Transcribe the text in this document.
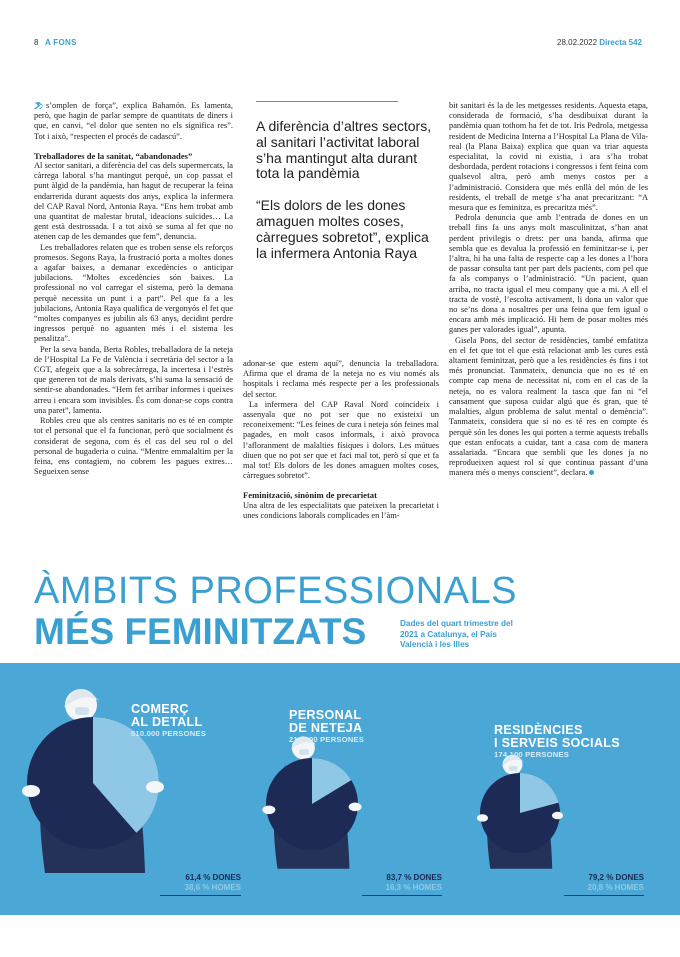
8 A FONS	28.02.2022 Directa 542

s’omplen de força”, explica Bahamón. Es lamenta, però, que hagin de parlar sempre de quantitats de diners i que, en canvi, “el dolor que senten no els significa res”. Tot i això, “respecten el procés de cadascú”.

Treballadores de la sanitat, “abandonades”

Al sector sanitari, a diferència del cas dels supermercats, la càrrega laboral s’ha mantingut perquè, un cop passat el punt àlgid de la pandèmia, han hagut de recuperar la feina endarrerida durant aquests dos anys, explica la infermera del CAP Raval Nord, Antonia Raya. “Ens hem trobat amb una quantitat de malestar brutal, ideacions suïcides… La gent està destrossada. I a tot això se suma al fet que no atenen cap de les demandes que fem”, denuncia.

Les treballadores relaten que es troben sense els reforços promesos. Segons Raya, la frustració porta a moltes dones a agafar baixes, a demanar excedències o anticipar jubilacions. “Moltes excedències són baixes. La professional no vol carregar el sistema, però la demana perquè necessita un punt i a part”. Pel que fa a les jubilacions, Antonia Raya qualifica de vergonyós el fet que “moltes companyes es jubilin als 63 anys, decidint perdre ingressos perquè no aguanten més i el sistema les penalitza”.

Per la seva banda, Berta Robles, treballadora de la neteja de l’Hospital La Fe de València i secretària del sector a la CGT, afegeix que a la sobrecàrrega, la incertesa i l’estrès que generen tot de mals derivats, s’hi suma la sensació de sentir-se abandonades. “Hem fet arribar informes i queixes arreu i encara som invisibles. És com donar-se cops contra una paret”, lamenta.

Robles creu que als centres sanitaris no es té en compte tot el personal que el fa funcionar, però que socialment és considerat de segona, com és el cas del seu rol o del personal de bugaderia o cuina. “Mentre emmalaltim per la feina, ens contagiem, no cobrem les pagues extres… Segueixen sense

A diferència d’altres sectors, al sanitari l’activitat laboral s’ha mantingut alta durant tota la pandèmia
“Els dolors de les dones amaguen moltes coses, càrregues sobretot”, explica la infermera Antonia Raya

adonar-se que estem aquí”, denuncia la treballadora. Afirma que el drama de la neteja no es viu només als hospitals i reclama més respecte per a les professionals del sector.

La infermera del CAP Raval Nord coincideix i assenyala que no pot ser que no existeixi un reconeixement: “Les feines de cura i neteja són feines mal pagades, en molt casos informals, i això provoca l’afloranment de malalties físiques i dolors. Les mútues diuen que no pot ser que et faci mal tot, però sí que et fa mal tot! Els dolors de les dones amaguen moltes coses, càrregues sobretot”.

Feminització, sinònim de precarietat

Una altra de les especialitats que pateixen la precarietat i unes condicions laborals complicades en l’àm-

bit sanitari és la de les metgesses residents. Aquesta etapa, considerada de formació, s’ha desdibuixat durant la pandèmia quan tothom ha fet de tot. Iris Pedrola, metgessa resident de Medicina Interna a l’Hospital La Plana de Vila-real (la Plana Baixa) explica que quan va triar aquesta especialitat, la covid ni existia, i ara s’ha trobat desbordada, perdent rotacions i congressos i fent feina com qualsevol altra, però amb menys costos per a l’administració. Considera que més enllà del món de les residents, el treball de metge s’ha anat precaritzant: “A mesura que es feminitza, es precaritza més”.

Pedrola denuncia que amb l’entrada de dones en un treball fins fa uns anys molt masculinitzat, s’han anat perdent privilegis o drets: per una banda, afirma que sembla que es devalua la professió en feminitzar-se i, per l’altra, hi ha una falta de respecte cap a les dones a l’hora de passar consulta tant per part dels pacients, com pel que fa als companys o l’administració. “Un pacient, quan arriba, no tracta igual el meu company que a mi. A ell el tracta de vostè, l’escolta activament, li dona un valor que no se’ns dona a nosaltres per una feina que fem igual o encara amb més implicació. Hi hem de posar moltes més ganes per valorades igual”, apunta.

Gisela Pons, del sector de residències, també emfatitza en el fet que tot el que està relacionat amb les cures està altament feminitzat, però que a les residències és fins i tot més pronunciat. Tanmateix, denuncia que no es té en compte cap mena de necessitat ni, com en el cas de la neteja, no es valora realment la tasca que fan ni “el cansament que suposa cuidar algú que és gran, que té malalties, algun problema de salut mental o demència”. Tanmateix, considera que si no es té res en compte és perquè són les dones les qui porten a terme aquests treballs que estan enfocats a cuidar, tant a casa com de manera assalariada. “Encara que sembli que les dones ja no reprodueixen aquest rol sí que continua passant d’una manera més o menys conscient”, declara.

ÀMBITS PROFESSIONALS
MÉS FEMINITZATS	Dades del quart trimestre del 2021 a Catalunya, el País Valencià i les Illes
COMERÇ
AL DETALL
510.000 PERSONES
PERSONAL
DE NETEJA
219.600 PERSONES
RESIDÈNCIES
I SERVEIS SOCIALS
174.100 PERSONES
61,4 % DONES
38,6 % HOMES
83,7 % DONES
16,3 % HOMES
79,2 % DONES
20,8 % HOMES
